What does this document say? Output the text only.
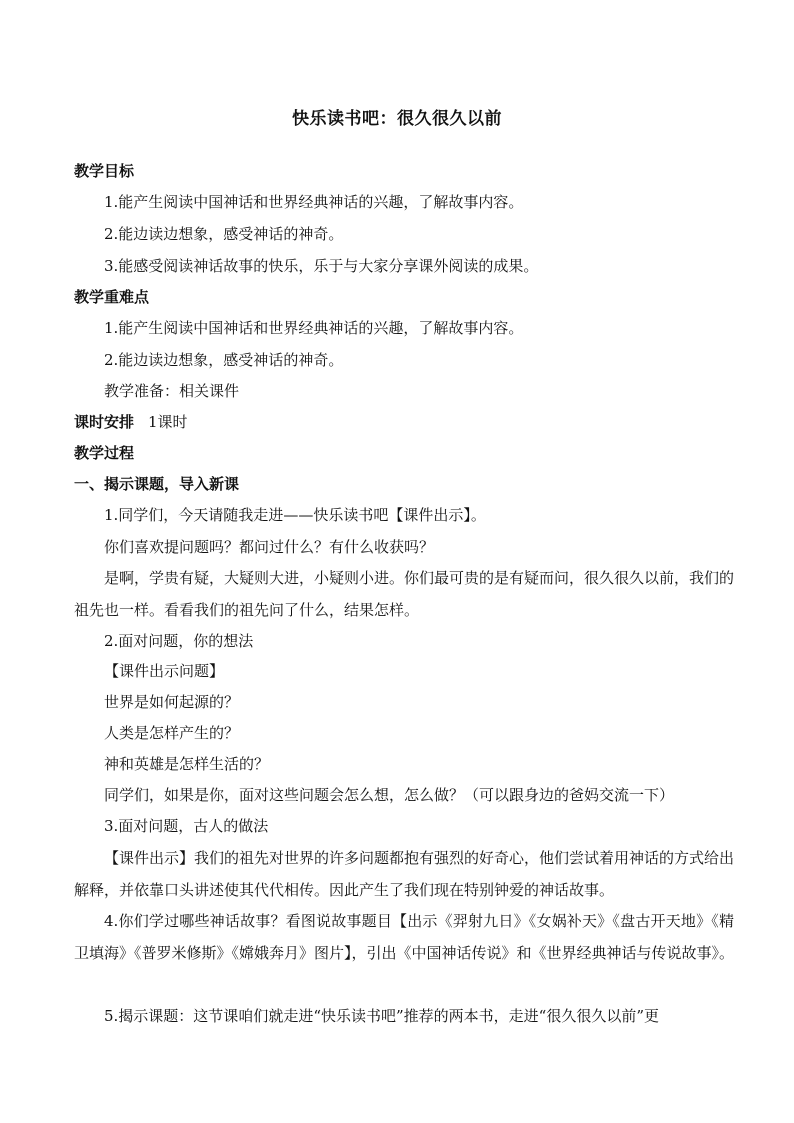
快乐读书吧：很久很久以前
教学目标
1.能产生阅读中国神话和世界经典神话的兴趣，了解故事内容。
2.能边读边想象，感受神话的神奇。
3.能感受阅读神话故事的快乐，乐于与大家分享课外阅读的成果。
教学重难点
1.能产生阅读中国神话和世界经典神话的兴趣，了解故事内容。
2.能边读边想象，感受神话的神奇。
教学准备：相关课件
课时安排 1课时
教学过程
一、揭示课题，导入新课
1.同学们，今天请随我走进——快乐读书吧【课件出示】。
你们喜欢提问题吗？都问过什么？有什么收获吗？
是啊，学贵有疑，大疑则大进，小疑则小进。你们最可贵的是有疑而问，很久很久以前，我们的祖先也一样。看看我们的祖先问了什么，结果怎样。
2.面对问题，你的想法
【课件出示问题】
世界是如何起源的？
人类是怎样产生的？
神和英雄是怎样生活的？
同学们，如果是你，面对这些问题会怎么想，怎么做？（可以跟身边的爸妈交流一下）
3.面对问题，古人的做法
【课件出示】我们的祖先对世界的许多问题都抱有强烈的好奇心，他们尝试着用神话的方式给出解释，并依靠口头讲述使其代代相传。因此产生了我们现在特别钟爱的神话故事。
4.你们学过哪些神话故事？看图说故事题目【出示《羿射九日》《女娲补天》《盘古开天地》《精卫填海》《普罗米修斯》《嫦娥奔月》图片】，引出《中国神话传说》和《世界经典神话与传说故事》。
5.揭示课题：这节课咱们就走进“快乐读书吧”推荐的两本书，走进“很久很久以前”更
